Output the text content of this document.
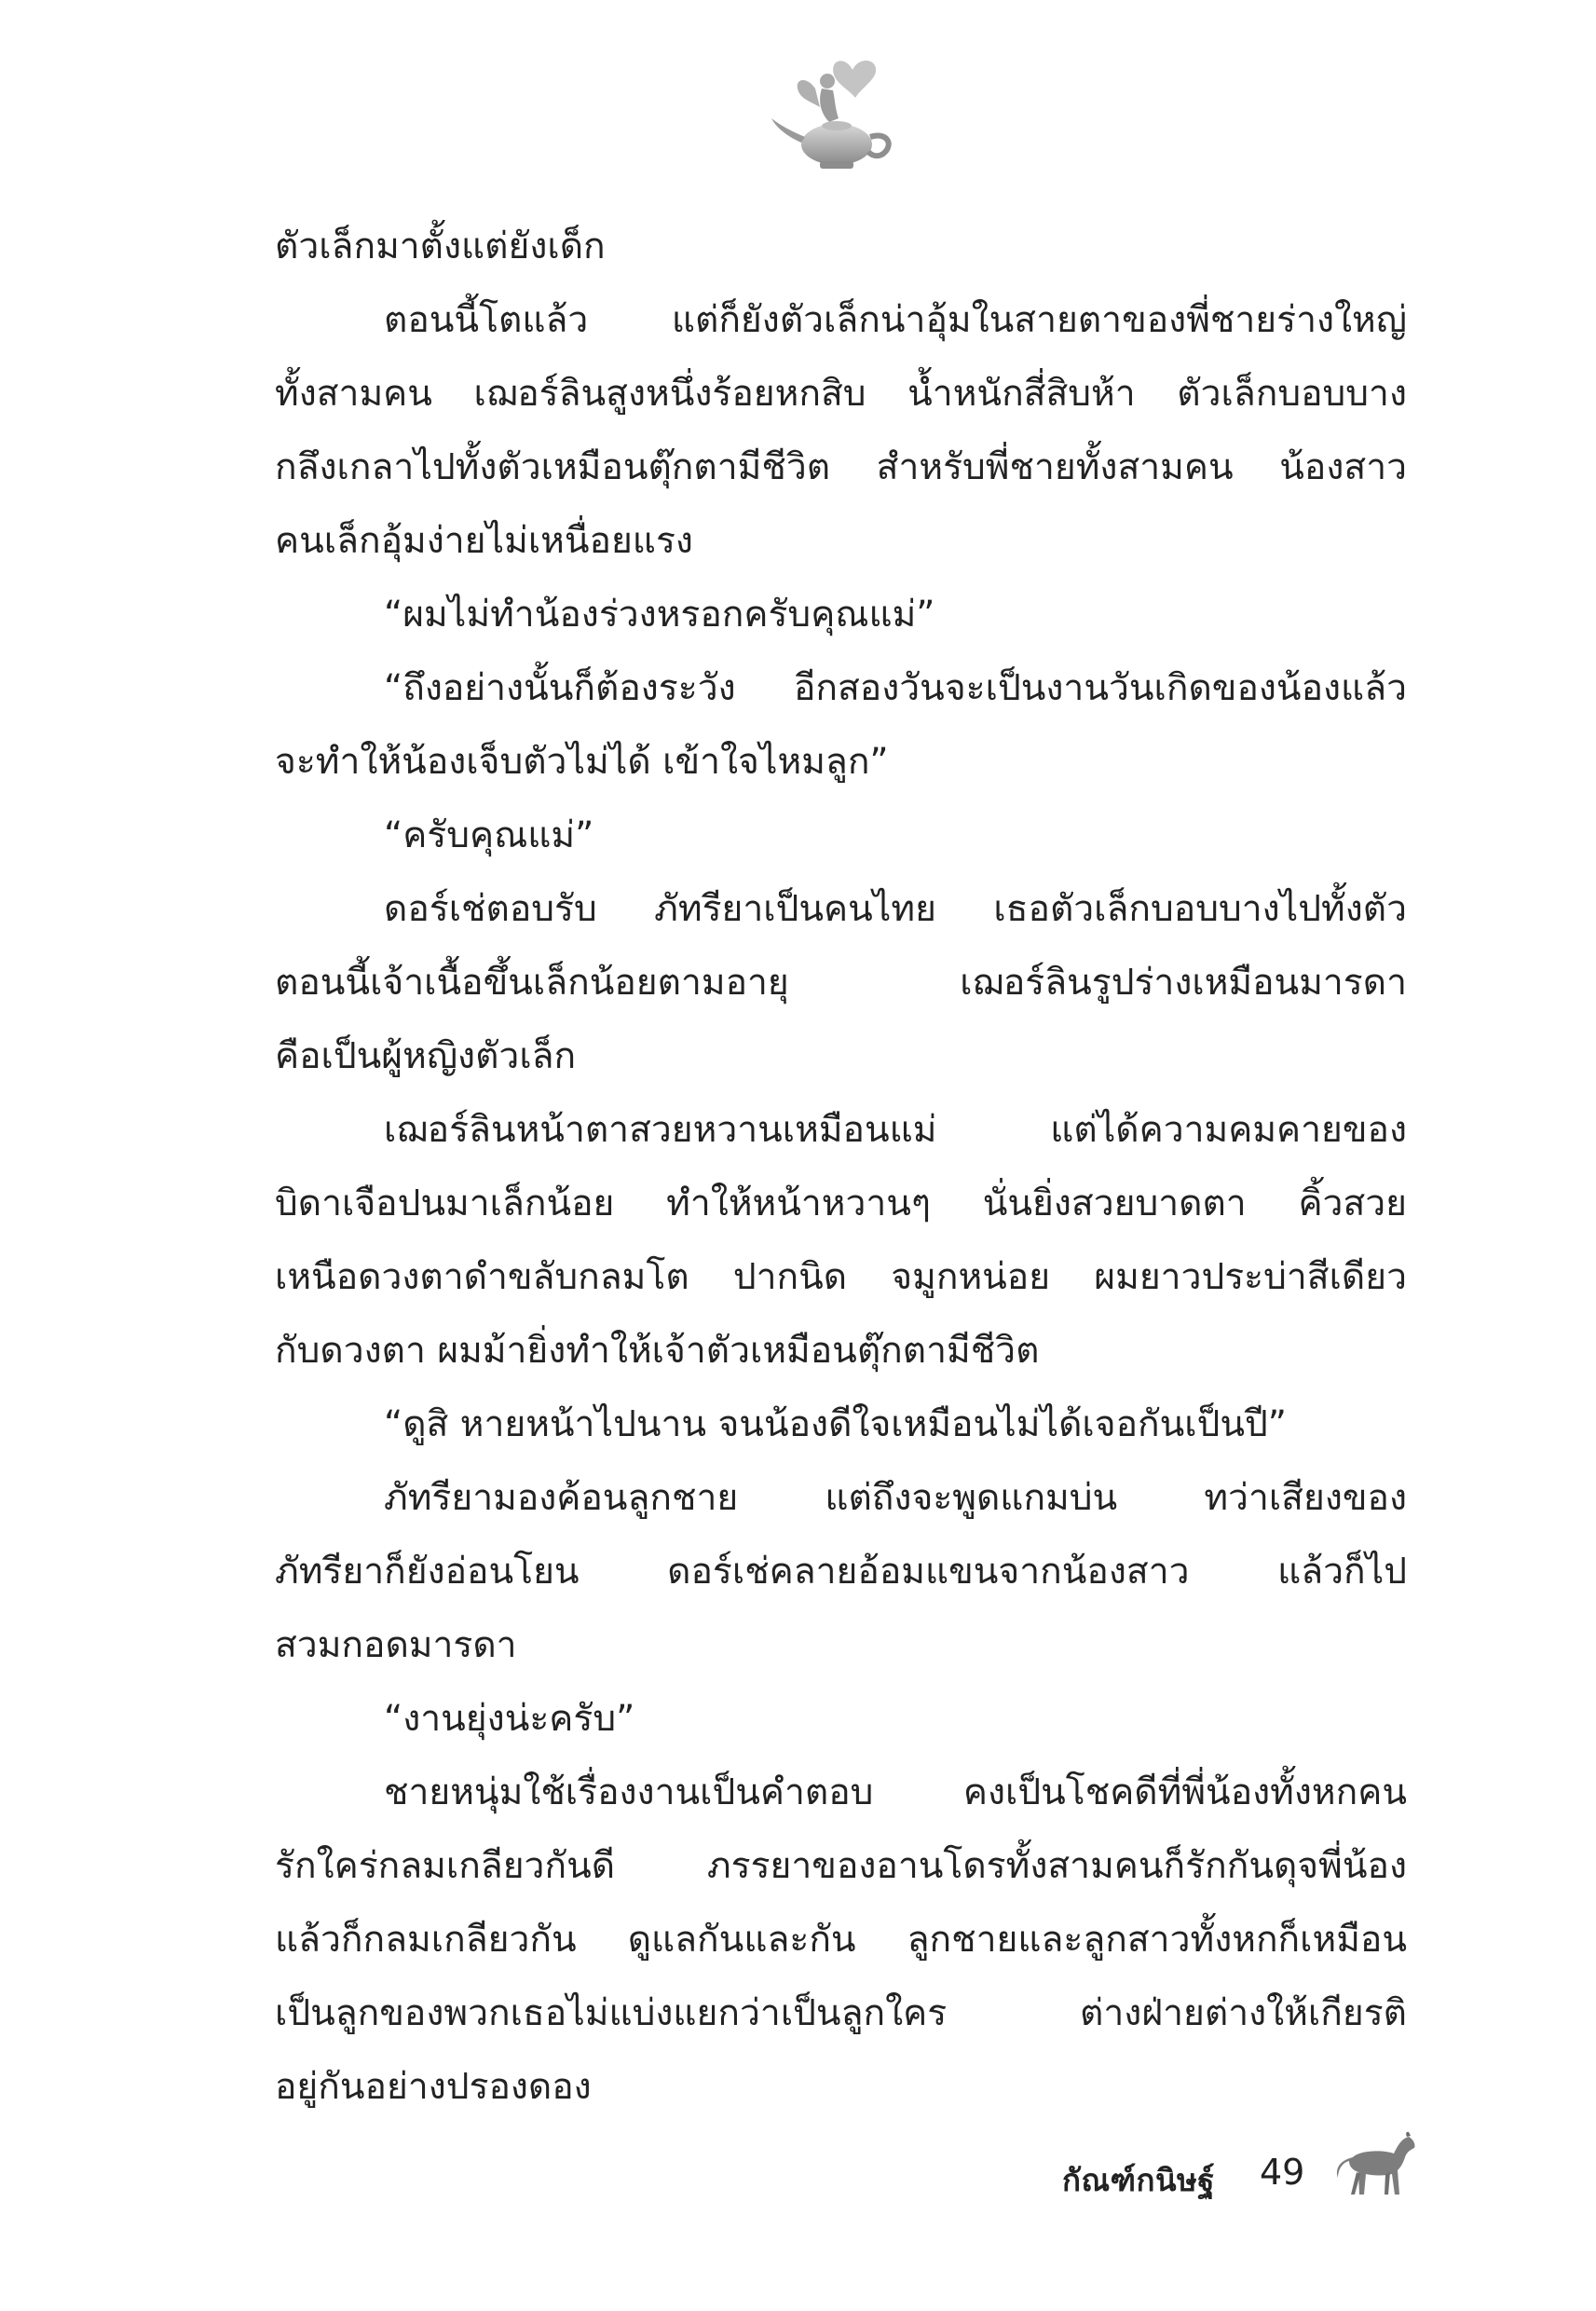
ตัวเล็กมาตั้งแต่ยังเด็ก
ตอนนี้โตแล้ว แต่ก็ยังตัวเล็กน่าอุ้มในสายตาของพี่ชายร่างใหญ่
ทั้งสามคน เฌอร์ลินสูงหนึ่งร้อยหกสิบ น้ำหนักสี่สิบห้า ตัวเล็กบอบบาง
กลึงเกลาไปทั้งตัวเหมือนตุ๊กตามีชีวิต สำหรับพี่ชายทั้งสามคน น้องสาว
คนเล็กอุ้มง่ายไม่เหนื่อยแรง
“ผมไม่ทำน้องร่วงหรอกครับคุณแม่”
“ถึงอย่างนั้นก็ต้องระวัง อีกสองวันจะเป็นงานวันเกิดของน้องแล้ว
จะทำให้น้องเจ็บตัวไม่ได้ เข้าใจไหมลูก”
“ครับคุณแม่”
ดอร์เช่ตอบรับ ภัทรียาเป็นคนไทย เธอตัวเล็กบอบบางไปทั้งตัว
ตอนนี้เจ้าเนื้อขึ้นเล็กน้อยตามอายุ เฌอร์ลินรูปร่างเหมือนมารดา
คือเป็นผู้หญิงตัวเล็ก
เฌอร์ลินหน้าตาสวยหวานเหมือนแม่ แต่ได้ความคมคายของ
บิดาเจือปนมาเล็กน้อย ทำให้หน้าหวานๆ นั่นยิ่งสวยบาดตา คิ้วสวย
เหนือดวงตาดำขลับกลมโต ปากนิด จมูกหน่อย ผมยาวประบ่าสีเดียว
กับดวงตา ผมม้ายิ่งทำให้เจ้าตัวเหมือนตุ๊กตามีชีวิต
“ดูสิ หายหน้าไปนาน จนน้องดีใจเหมือนไม่ได้เจอกันเป็นปี”
ภัทรียามองค้อนลูกชาย แต่ถึงจะพูดแกมบ่น ทว่าเสียงของ
ภัทรียาก็ยังอ่อนโยน ดอร์เช่คลายอ้อมแขนจากน้องสาว แล้วก็ไป
สวมกอดมารดา
“งานยุ่งน่ะครับ”
ชายหนุ่มใช้เรื่องงานเป็นคำตอบ คงเป็นโชคดีที่พี่น้องทั้งหกคน
รักใคร่กลมเกลียวกันดี ภรรยาของอานโดรทั้งสามคนก็รักกันดุจพี่น้อง
แล้วก็กลมเกลียวกัน ดูแลกันและกัน ลูกชายและลูกสาวทั้งหกก็เหมือน
เป็นลูกของพวกเธอไม่แบ่งแยกว่าเป็นลูกใคร ต่างฝ่ายต่างให้เกียรติ
อยู่กันอย่างปรองดอง
กัณฑ์กนิษฐ์ 49
